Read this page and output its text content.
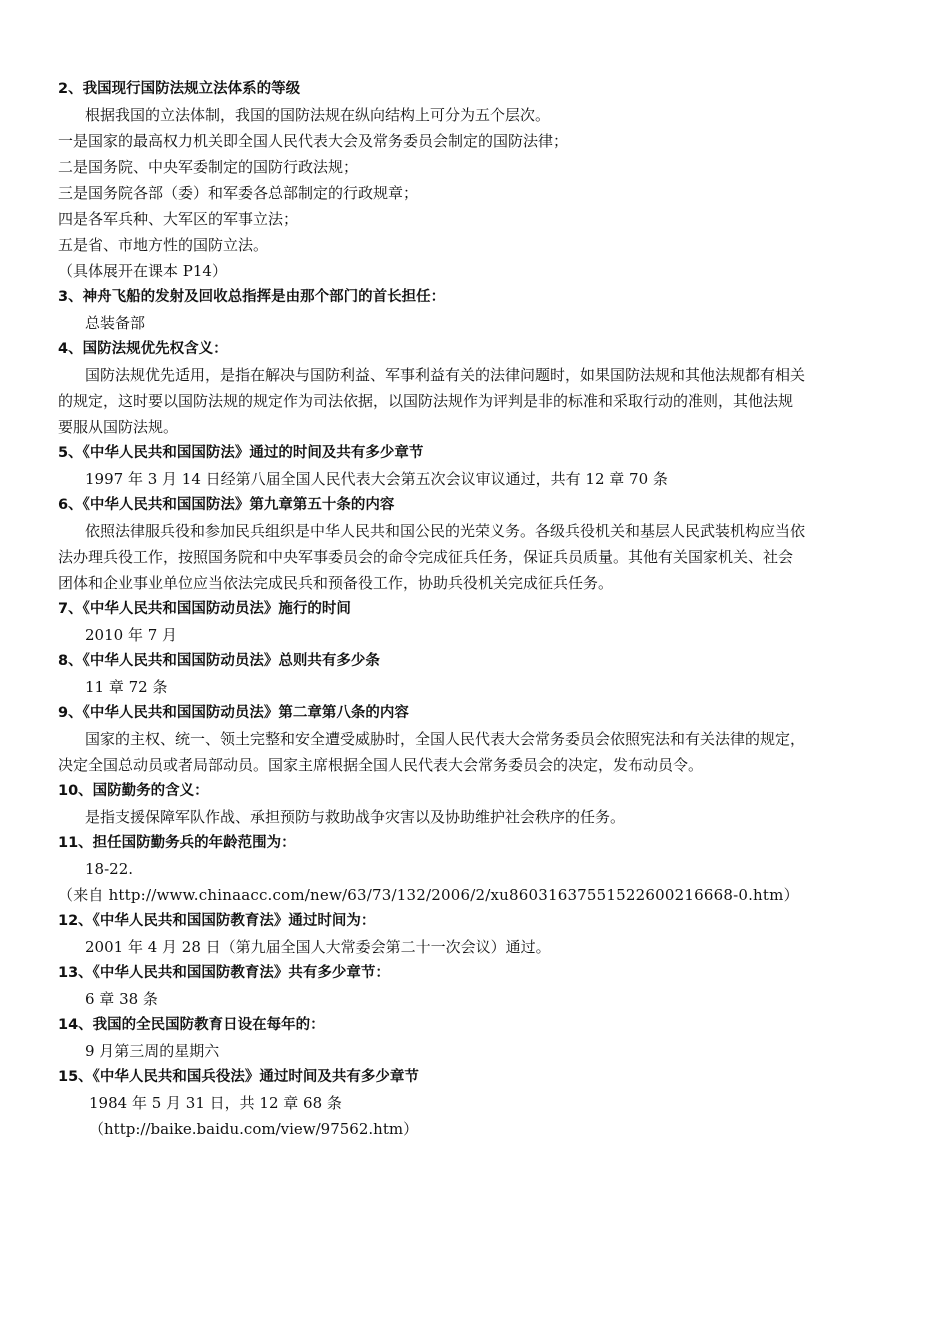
2、我国现行国防法规立法体系的等级
根据我国的立法体制，我国的国防法规在纵向结构上可分为五个层次。
一是国家的最高权力机关即全国人民代表大会及常务委员会制定的国防法律；
二是国务院、中央军委制定的国防行政法规；
三是国务院各部（委）和军委各总部制定的行政规章；
四是各军兵种、大军区的军事立法；
五是省、市地方性的国防立法。
（具体展开在课本 P14）
3、神舟飞船的发射及回收总指挥是由那个部门的首长担任：
总装备部
4、国防法规优先权含义：
国防法规优先适用，是指在解决与国防利益、军事利益有关的法律问题时，如果国防法规和其他法规都有相关
的规定，这时要以国防法规的规定作为司法依据，以国防法规作为评判是非的标准和采取行动的准则，其他法规
要服从国防法规。
5、《中华人民共和国国防法》通过的时间及共有多少章节
1997 年 3 月 14 日经第八届全国人民代表大会第五次会议审议通过，共有 12 章 70 条
6、《中华人民共和国国防法》第九章第五十条的内容
依照法律服兵役和参加民兵组织是中华人民共和国公民的光荣义务。各级兵役机关和基层人民武装机构应当依
法办理兵役工作，按照国务院和中央军事委员会的命令完成征兵任务，保证兵员质量。其他有关国家机关、社会
团体和企业事业单位应当依法完成民兵和预备役工作，协助兵役机关完成征兵任务。
7、《中华人民共和国国防动员法》施行的时间
2010 年 7 月
8、《中华人民共和国国防动员法》总则共有多少条
11 章 72 条
9、《中华人民共和国国防动员法》第二章第八条的内容
国家的主权、统一、领土完整和安全遭受威胁时，全国人民代表大会常务委员会依照宪法和有关法律的规定，
决定全国总动员或者局部动员。国家主席根据全国人民代表大会常务委员会的决定，发布动员令。
10、国防勤务的含义：
是指支援保障军队作战、承担预防与救助战争灾害以及协助维护社会秩序的任务。
11、担任国防勤务兵的年龄范围为：
18-22.
（来自 http://www.chinaacc.com/new/63/73/132/2006/2/xu86031637551522600216668-0.htm）
12、《中华人民共和国国防教育法》通过时间为：
2001 年 4 月 28 日（第九届全国人大常委会第二十一次会议）通过。
13、《中华人民共和国国防教育法》共有多少章节：
6 章 38 条
14、我国的全民国防教育日设在每年的：
9 月第三周的星期六
15、《中华人民共和国兵役法》通过时间及共有多少章节
1984 年 5 月 31 日，共 12 章 68 条
（http://baike.baidu.com/view/97562.htm）
